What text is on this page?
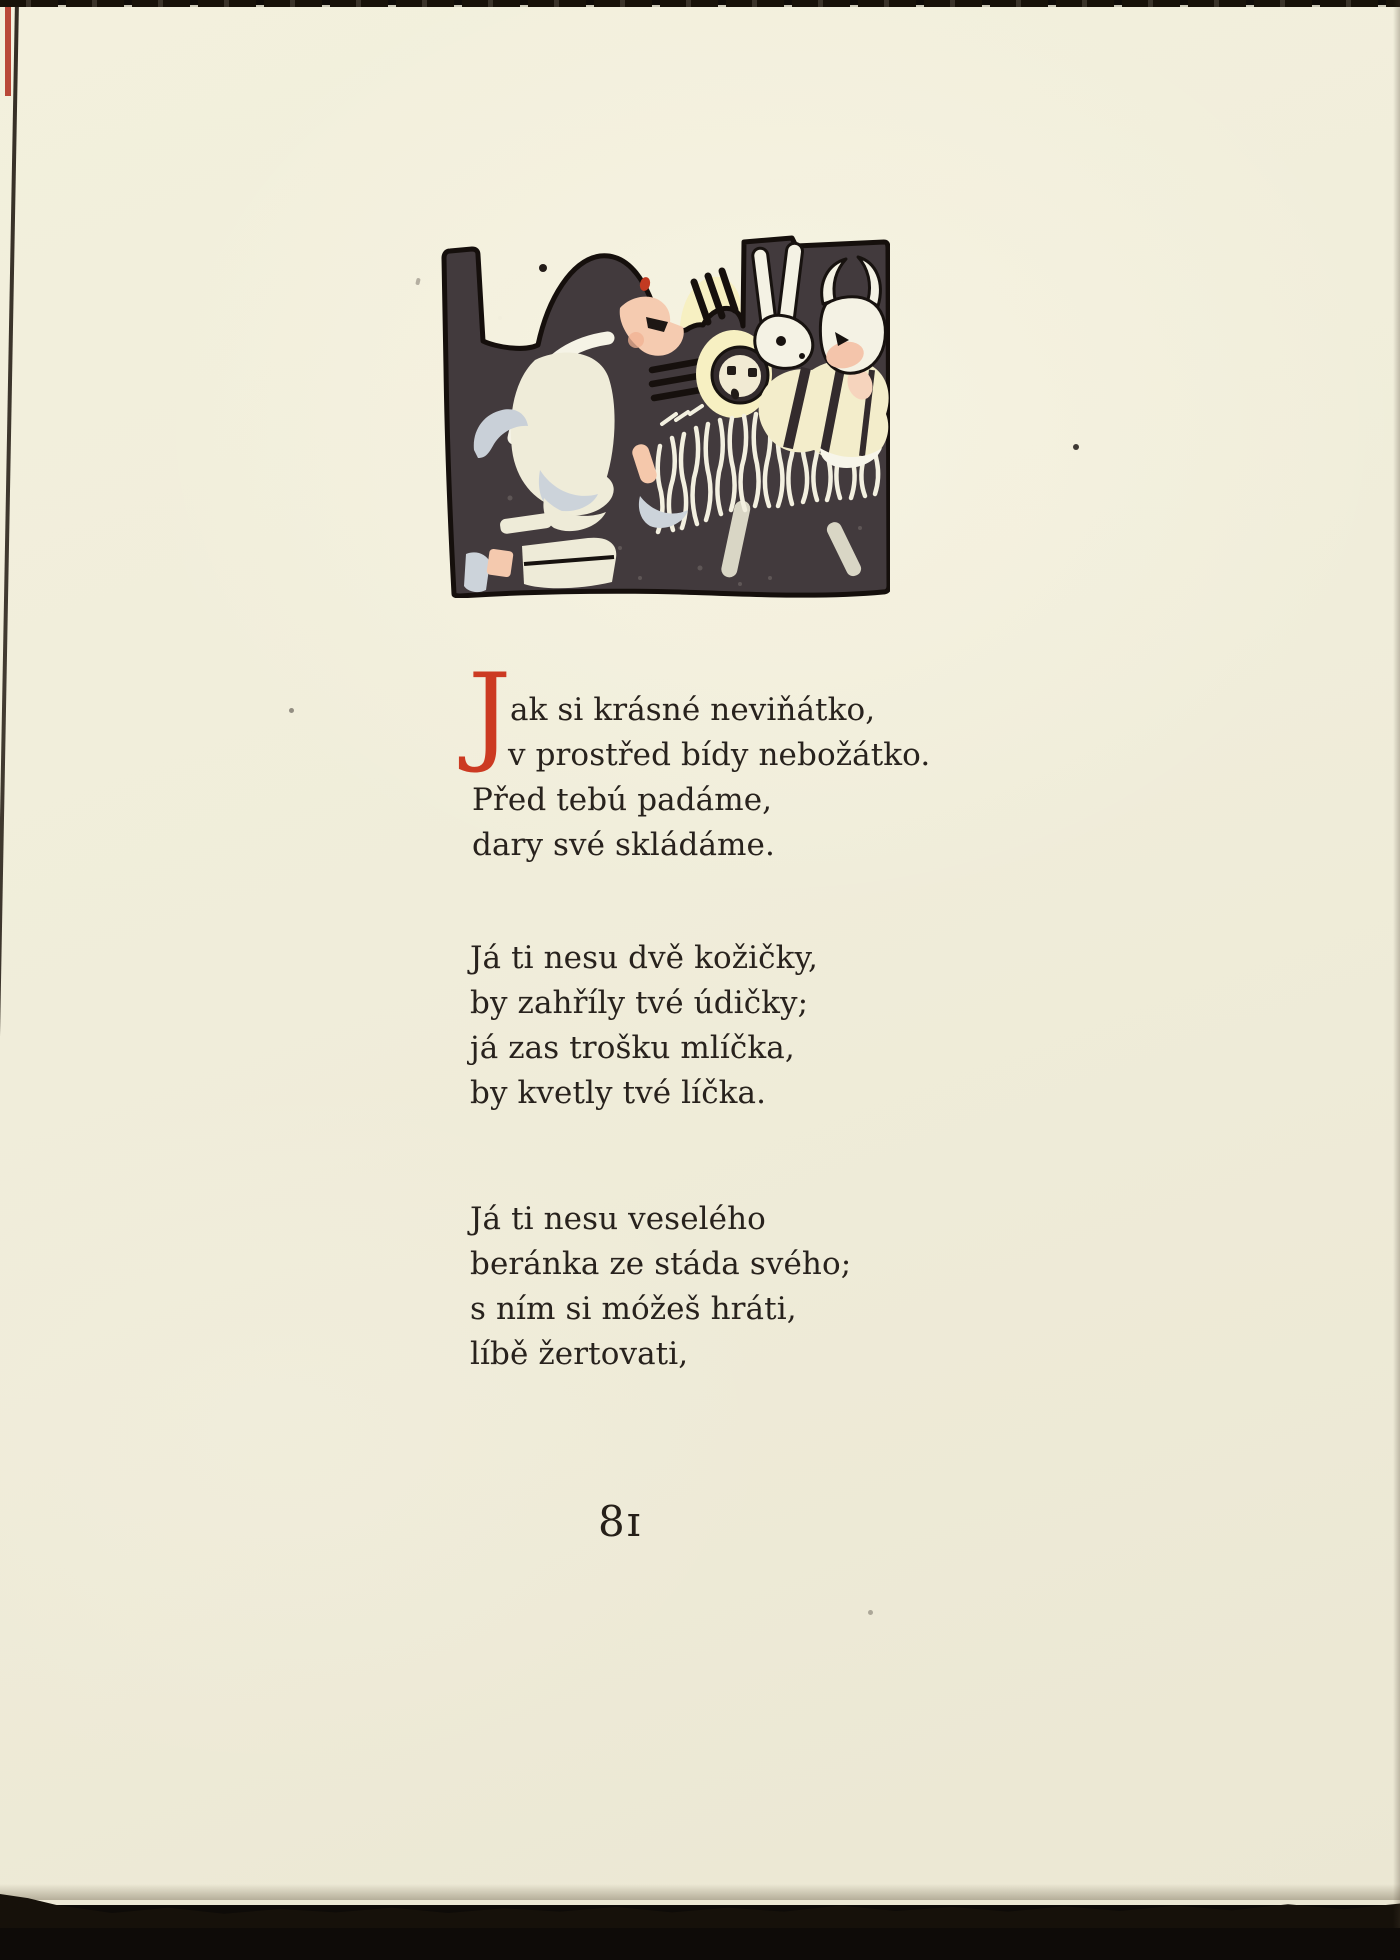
J
ak si krásné neviňátko,
v prostřed bídy nebožátko.
Před tebú padáme,
dary své skládáme.
Já ti nesu dvě kožičky,
by zahříly tvé údičky;
já zas trošku mlíčka,
by kvetly tvé líčka.
Já ti nesu veselého
beránka ze stáda svého;
s ním si móžeš hráti,
líbě žertovati,
8ɪ
